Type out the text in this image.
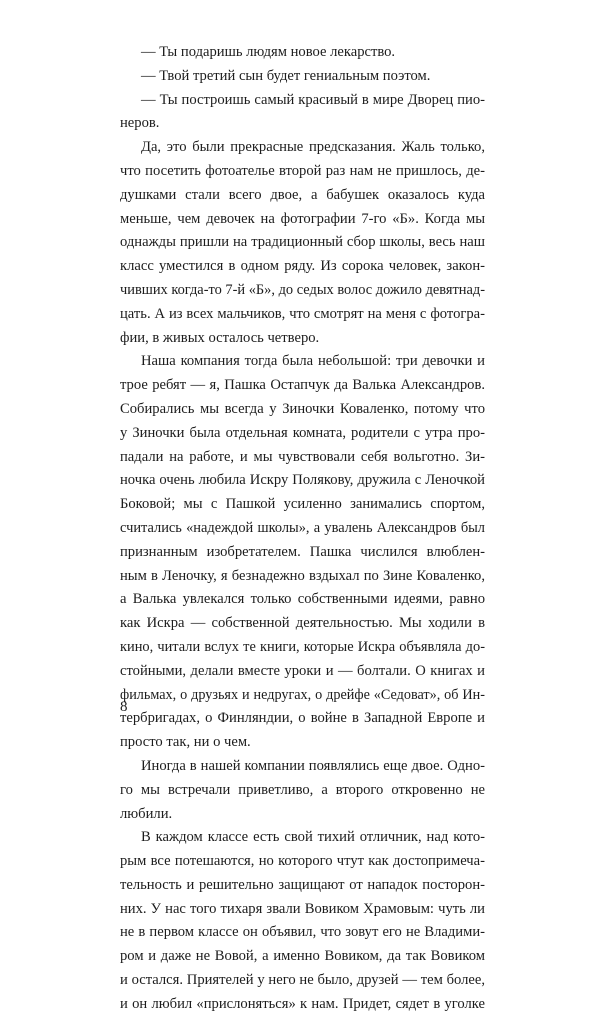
— Ты подаришь людям новое лекарство.
— Твой третий сын будет гениальным поэтом.
— Ты построишь самый красивый в мире Дворец пио-
неров.
Да, это были прекрасные предсказания. Жаль только,
что посетить фотоателье второй раз нам не пришлось, де-
душками стали всего двое, а бабушек оказалось куда
меньше, чем девочек на фотографии 7-го «Б». Когда мы
однажды пришли на традиционный сбор школы, весь наш
класс уместился в одном ряду. Из сорока человек, закон-
чивших когда-то 7-й «Б», до седых волос дожило девятнад-
цать. А из всех мальчиков, что смотрят на меня с фотогра-
фии, в живых осталось четверо.
Наша компания тогда была небольшой: три девочки и
трое ребят — я, Пашка Остапчук да Валька Александров.
Собирались мы всегда у Зиночки Коваленко, потому что
у Зиночки была отдельная комната, родители с утра про-
падали на работе, и мы чувствовали себя вольготно. Зи-
ночка очень любила Искру Полякову, дружила с Леночкой
Боковой; мы с Пашкой усиленно занимались спортом,
считались «надеждой школы», а увалень Александров был
признанным изобретателем. Пашка числился влюблен-
ным в Леночку, я безнадежно вздыхал по Зине Коваленко,
а Валька увлекался только собственными идеями, равно
как Искра — собственной деятельностью. Мы ходили в
кино, читали вслух те книги, которые Искра объявляла до-
стойными, делали вместе уроки и — болтали. О книгах и
фильмах, о друзьях и недругах, о дрейфе «Седоват», об Ин-
тербригадах, о Финляндии, о войне в Западной Европе и
просто так, ни о чем.
Иногда в нашей компании появлялись еще двое. Одно-
го мы встречали приветливо, а второго откровенно не
любили.
В каждом классе есть свой тихий отличник, над кото-
рым все потешаются, но которого чтут как достопримеча-
тельность и решительно защищают от нападок посторон-
них. У нас того тихаря звали Вовиком Храмовым: чуть ли
не в первом классе он объявил, что зовут его не Владими-
ром и даже не Вовой, а именно Вовиком, да так Вовиком
и остался. Приятелей у него не было, друзей — тем более,
и он любил «прислоняться» к нам. Придет, сядет в уголке
8
